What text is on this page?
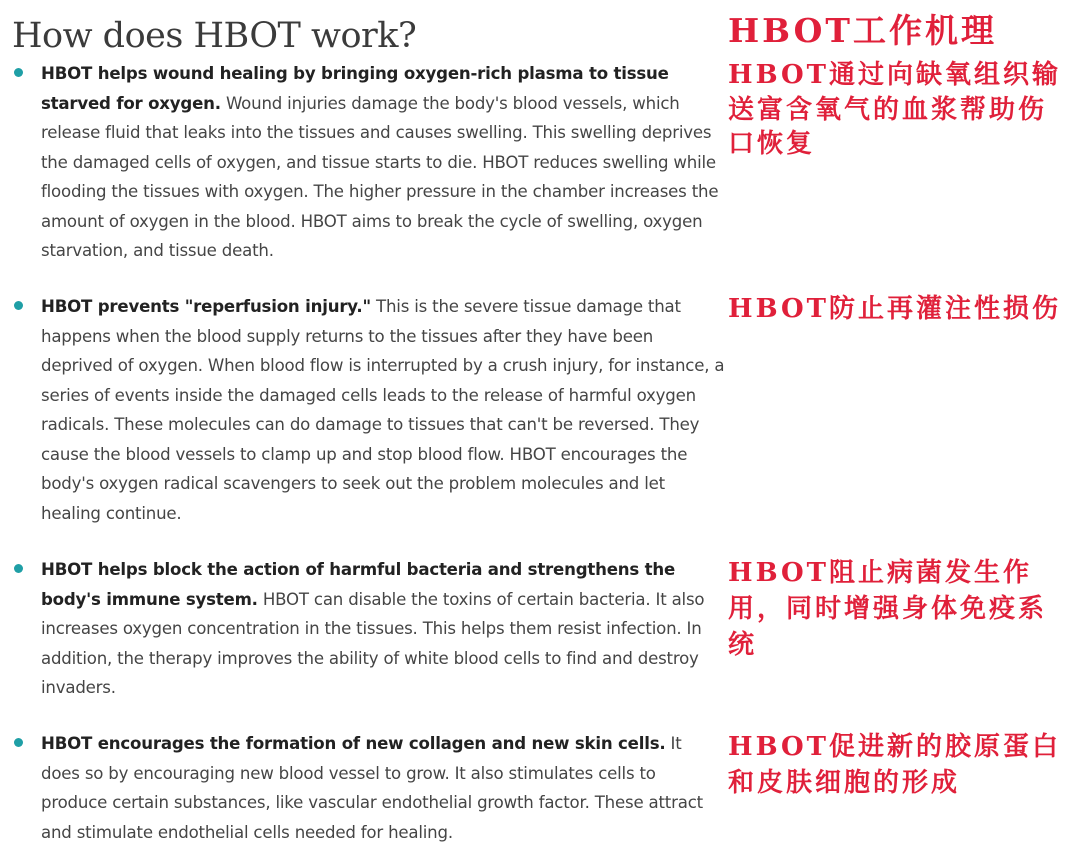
How does HBOT work?	HBOT工作机理

HBOT helps wound healing by bringing oxygen-rich plasma to tissue starved for oxygen. Wound injuries damage the body's blood vessels, which release fluid that leaks into the tissues and causes swelling. This swelling deprives the damaged cells of oxygen, and tissue starts to die. HBOT reduces swelling while flooding the tissues with oxygen. The higher pressure in the chamber increases the amount of oxygen in the blood. HBOT aims to break the cycle of swelling, oxygen starvation, and tissue death.

HBOT通过向缺氧组织输送富含氧气的血浆帮助伤口恢复

HBOT prevents "reperfusion injury." This is the severe tissue damage that happens when the blood supply returns to the tissues after they have been deprived of oxygen. When blood flow is interrupted by a crush injury, for instance, a series of events inside the damaged cells leads to the release of harmful oxygen radicals. These molecules can do damage to tissues that can't be reversed. They cause the blood vessels to clamp up and stop blood flow. HBOT encourages the body's oxygen radical scavengers to seek out the problem molecules and let healing continue.

HBOT防止再灌注性损伤

HBOT helps block the action of harmful bacteria and strengthens the body's immune system. HBOT can disable the toxins of certain bacteria. It also increases oxygen concentration in the tissues. This helps them resist infection. In addition, the therapy improves the ability of white blood cells to find and destroy invaders.

HBOT阻止病菌发生作用，同时增强身体免疫系统

HBOT encourages the formation of new collagen and new skin cells. It does so by encouraging new blood vessel to grow. It also stimulates cells to produce certain substances, like vascular endothelial growth factor. These attract and stimulate endothelial cells needed for healing.

HBOT促进新的胶原蛋白和皮肤细胞的形成
